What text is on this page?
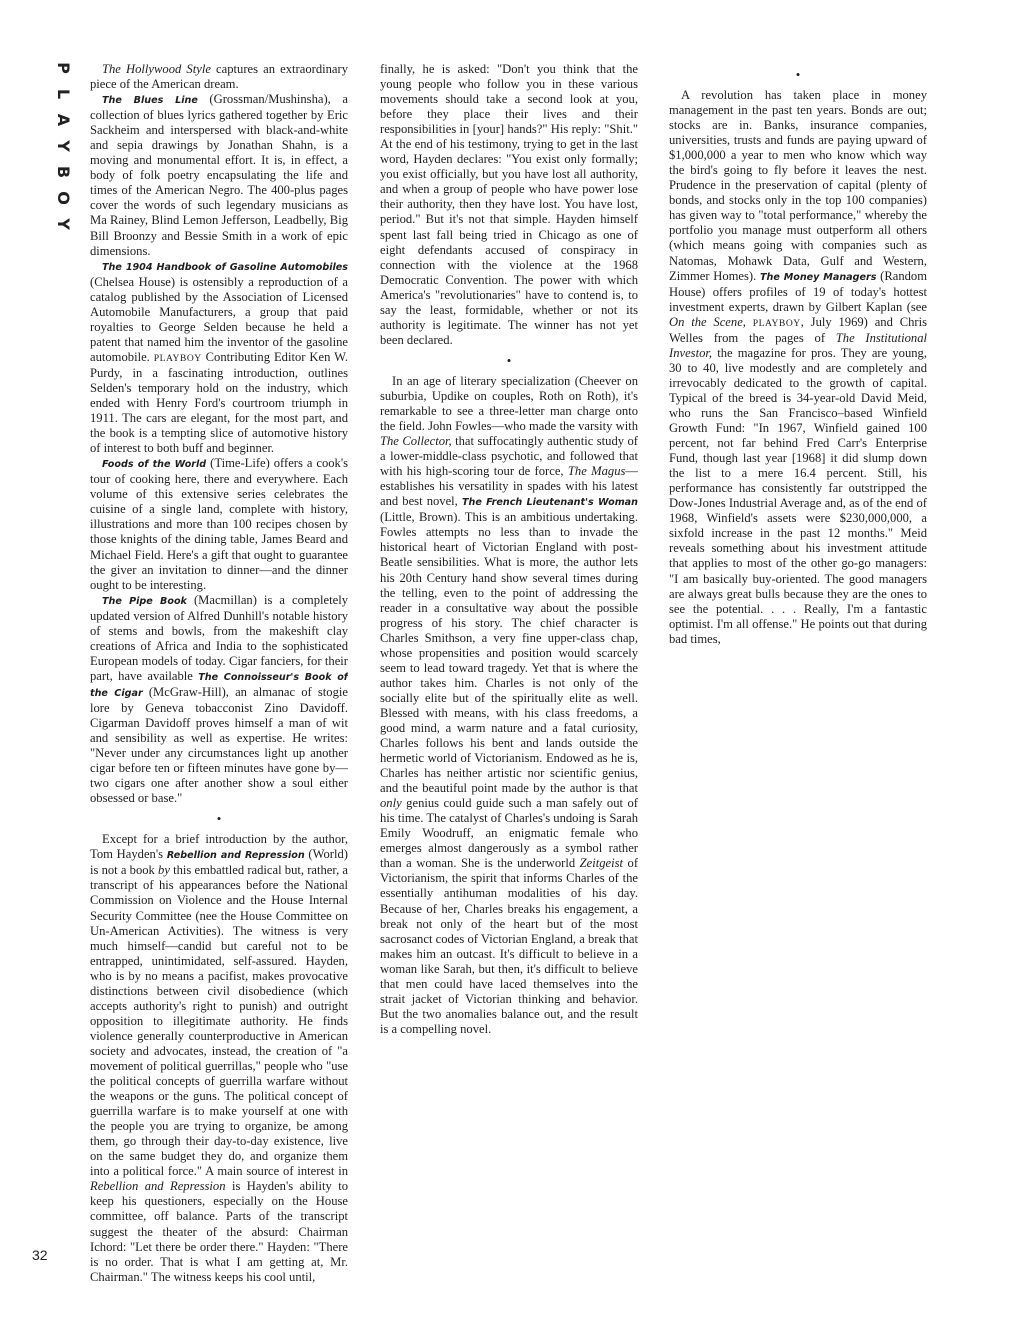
P
L
A
Y
B
O
Y
32

The Hollywood Style captures an extraordinary piece of the American dream.

The Blues Line (Grossman/Mushinsha), a collection of blues lyrics gathered together by Eric Sackheim and interspersed with black-and-white and sepia drawings by Jonathan Shahn, is a moving and monumental effort. It is, in effect, a body of folk poetry encapsulating the life and times of the American Negro. The 400-plus pages cover the words of such legendary musicians as Ma Rainey, Blind Lemon Jefferson, Leadbelly, Big Bill Broonzy and Bessie Smith in a work of epic dimensions.

The 1904 Handbook of Gasoline Automobiles (Chelsea House) is ostensibly a reproduction of a catalog published by the Association of Licensed Automobile Manufacturers, a group that paid royalties to George Selden because he held a patent that named him the inventor of the gasoline automobile. PLAYBOY Contributing Editor Ken W. Purdy, in a fascinating introduction, outlines Selden's temporary hold on the industry, which ended with Henry Ford's courtroom triumph in 1911. The cars are elegant, for the most part, and the book is a tempting slice of automotive history of interest to both buff and beginner.

Foods of the World (Time-Life) offers a cook's tour of cooking here, there and everywhere. Each volume of this extensive series celebrates the cuisine of a single land, complete with history, illustrations and more than 100 recipes chosen by those knights of the dining table, James Beard and Michael Field. Here's a gift that ought to guarantee the giver an invitation to dinner—and the dinner ought to be interesting.

The Pipe Book (Macmillan) is a completely updated version of Alfred Dunhill's notable history of stems and bowls, from the makeshift clay creations of Africa and India to the sophisticated European models of today. Cigar fanciers, for their part, have available The Connoisseur's Book of the Cigar (McGraw-Hill), an almanac of stogie lore by Geneva tobacconist Zino Davidoff. Cigarman Davidoff proves himself a man of wit and sensibility as well as expertise. He writes: "Never under any circumstances light up another cigar before ten or fifteen minutes have gone by—two cigars one after another show a soul either obsessed or base."

•

Except for a brief introduction by the author, Tom Hayden's Rebellion and Repression (World) is not a book by this embattled radical but, rather, a transcript of his appearances before the National Commission on Violence and the House Internal Security Committee (nee the House Committee on Un-American Activities). The witness is very much himself—candid but careful not to be entrapped, unintimidated, self-assured. Hayden, who is by no means a pacifist, makes provocative distinctions between civil disobedience (which accepts authority's right to punish) and outright opposition to illegitimate authority. He finds violence generally counterproductive in American society and advocates, instead, the creation of "a movement of political guerrillas," people who "use the political concepts of guerrilla warfare without the weapons or the guns. The political concept of guerrilla warfare is to make yourself at one with the people you are trying to organize, be among them, go through their day-to-day existence, live on the same budget they do, and organize them into a political force." A main source of interest in Rebellion and Repression is Hayden's ability to keep his questioners, especially on the House committee, off balance. Parts of the transcript suggest the theater of the absurd: Chairman Ichord: "Let there be order there." Hayden: "There is no order. That is what I am getting at, Mr. Chairman." The witness keeps his cool until,

finally, he is asked: "Don't you think that the young people who follow you in these various movements should take a second look at you, before they place their lives and their responsibilities in [your] hands?" His reply: "Shit." At the end of his testimony, trying to get in the last word, Hayden declares: "You exist only formally; you exist officially, but you have lost all authority, and when a group of people who have power lose their authority, then they have lost. You have lost, period." But it's not that simple. Hayden himself spent last fall being tried in Chicago as one of eight defendants accused of conspiracy in connection with the violence at the 1968 Democratic Convention. The power with which America's "revolutionaries" have to contend is, to say the least, formidable, whether or not its authority is legitimate. The winner has not yet been declared.

•

In an age of literary specialization (Cheever on suburbia, Updike on couples, Roth on Roth), it's remarkable to see a three-letter man charge onto the field. John Fowles—who made the varsity with The Collector, that suffocatingly authentic study of a lower-middle-class psychotic, and followed that with his high-scoring tour de force, The Magus—establishes his versatility in spades with his latest and best novel, The French Lieutenant's Woman (Little, Brown). This is an ambitious undertaking. Fowles attempts no less than to invade the historical heart of Victorian England with post-Beatle sensibilities. What is more, the author lets his 20th Century hand show several times during the telling, even to the point of addressing the reader in a consultative way about the possible progress of his story. The chief character is Charles Smithson, a very fine upper-class chap, whose propensities and position would scarcely seem to lead toward tragedy. Yet that is where the author takes him. Charles is not only of the socially elite but of the spiritually elite as well. Blessed with means, with his class freedoms, a good mind, a warm nature and a fatal curiosity, Charles follows his bent and lands outside the hermetic world of Victorianism. Endowed as he is, Charles has neither artistic nor scientific genius, and the beautiful point made by the author is that only genius could guide such a man safely out of his time. The catalyst of Charles's undoing is Sarah Emily Woodruff, an enigmatic female who emerges almost dangerously as a symbol rather than a woman. She is the underworld Zeitgeist of Victorianism, the spirit that informs Charles of the essentially antihuman modalities of his day. Because of her, Charles breaks his engagement, a break not only of the heart but of the most sacrosanct codes of Victorian England, a break that makes him an outcast. It's difficult to believe in a woman like Sarah, but then, it's difficult to believe that men could have laced themselves into the strait jacket of Victorian thinking and behavior. But the two anomalies balance out, and the result is a compelling novel.

•

A revolution has taken place in money management in the past ten years. Bonds are out; stocks are in. Banks, insurance companies, universities, trusts and funds are paying upward of $1,000,000 a year to men who know which way the bird's going to fly before it leaves the nest. Prudence in the preservation of capital (plenty of bonds, and stocks only in the top 100 companies) has given way to "total performance," whereby the portfolio you manage must outperform all others (which means going with companies such as Natomas, Mohawk Data, Gulf and Western, Zimmer Homes). The Money Managers (Random House) offers profiles of 19 of today's hottest investment experts, drawn by Gilbert Kaplan (see On the Scene, PLAYBOY, July 1969) and Chris Welles from the pages of The Institutional Investor, the magazine for pros. They are young, 30 to 40, live modestly and are completely and irrevocably dedicated to the growth of capital. Typical of the breed is 34-year-old David Meid, who runs the San Francisco–based Winfield Growth Fund: "In 1967, Winfield gained 100 percent, not far behind Fred Carr's Enterprise Fund, though last year [1968] it did slump down the list to a mere 16.4 percent. Still, his performance has consistently far outstripped the Dow-Jones Industrial Average and, as of the end of 1968, Winfield's assets were $230,000,000, a sixfold increase in the past 12 months." Meid reveals something about his investment attitude that applies to most of the other go-go managers: "I am basically buy-oriented. The good managers are always great bulls because they are the ones to see the potential. . . . Really, I'm a fantastic optimist. I'm all offense." He points out that during bad times,
